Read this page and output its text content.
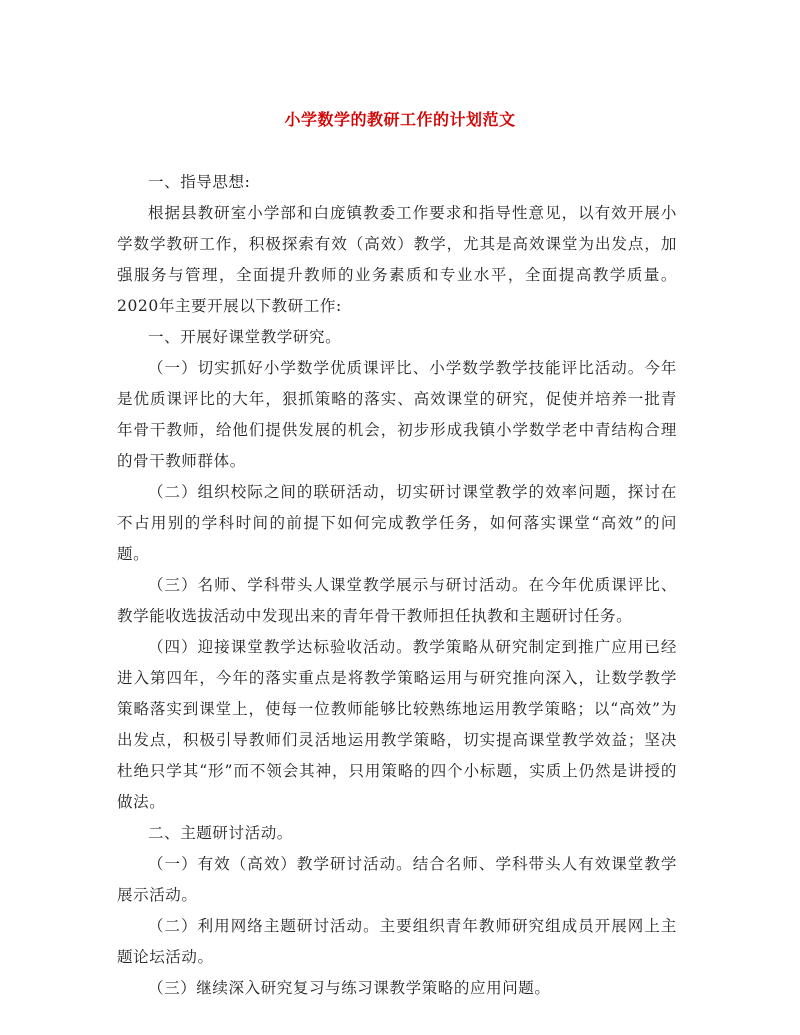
小学数学的教研工作的计划范文

一、指导思想:

根据县教研室小学部和白庞镇教委工作要求和指导性意见，以有效开展小学数学教研工作，积极探索有效（高效）教学，尤其是高效课堂为出发点，加强服务与管理，全面提升教师的业务素质和专业水平，全面提高教学质量。2020年主要开展以下教研工作:

一、开展好课堂教学研究。

（一）切实抓好小学数学优质课评比、小学数学教学技能评比活动。今年是优质课评比的大年，狠抓策略的落实、高效课堂的研究，促使并培养一批青年骨干教师，给他们提供发展的机会，初步形成我镇小学数学老中青结构合理的骨干教师群体。

（二）组织校际之间的联研活动，切实研讨课堂教学的效率问题，探讨在不占用别的学科时间的前提下如何完成教学任务，如何落实课堂“高效”的问题。

（三）名师、学科带头人课堂教学展示与研讨活动。在今年优质课评比、教学能收选拔活动中发现出来的青年骨干教师担任执教和主题研讨任务。

（四）迎接课堂教学达标验收活动。教学策略从研究制定到推广应用已经进入第四年，今年的落实重点是将教学策略运用与研究推向深入，让数学教学策略落实到课堂上，使每一位教师能够比较熟练地运用教学策略；以“高效”为出发点，积极引导教师们灵活地运用教学策略，切实提高课堂教学效益；坚决杜绝只学其“形”而不领会其神，只用策略的四个小标题，实质上仍然是讲授的做法。

二、主题研讨活动。

（一）有效（高效）教学研讨活动。结合名师、学科带头人有效课堂教学展示活动。

（二）利用网络主题研讨活动。主要组织青年教师研究组成员开展网上主题论坛活动。

（三）继续深入研究复习与练习课教学策略的应用问题。
